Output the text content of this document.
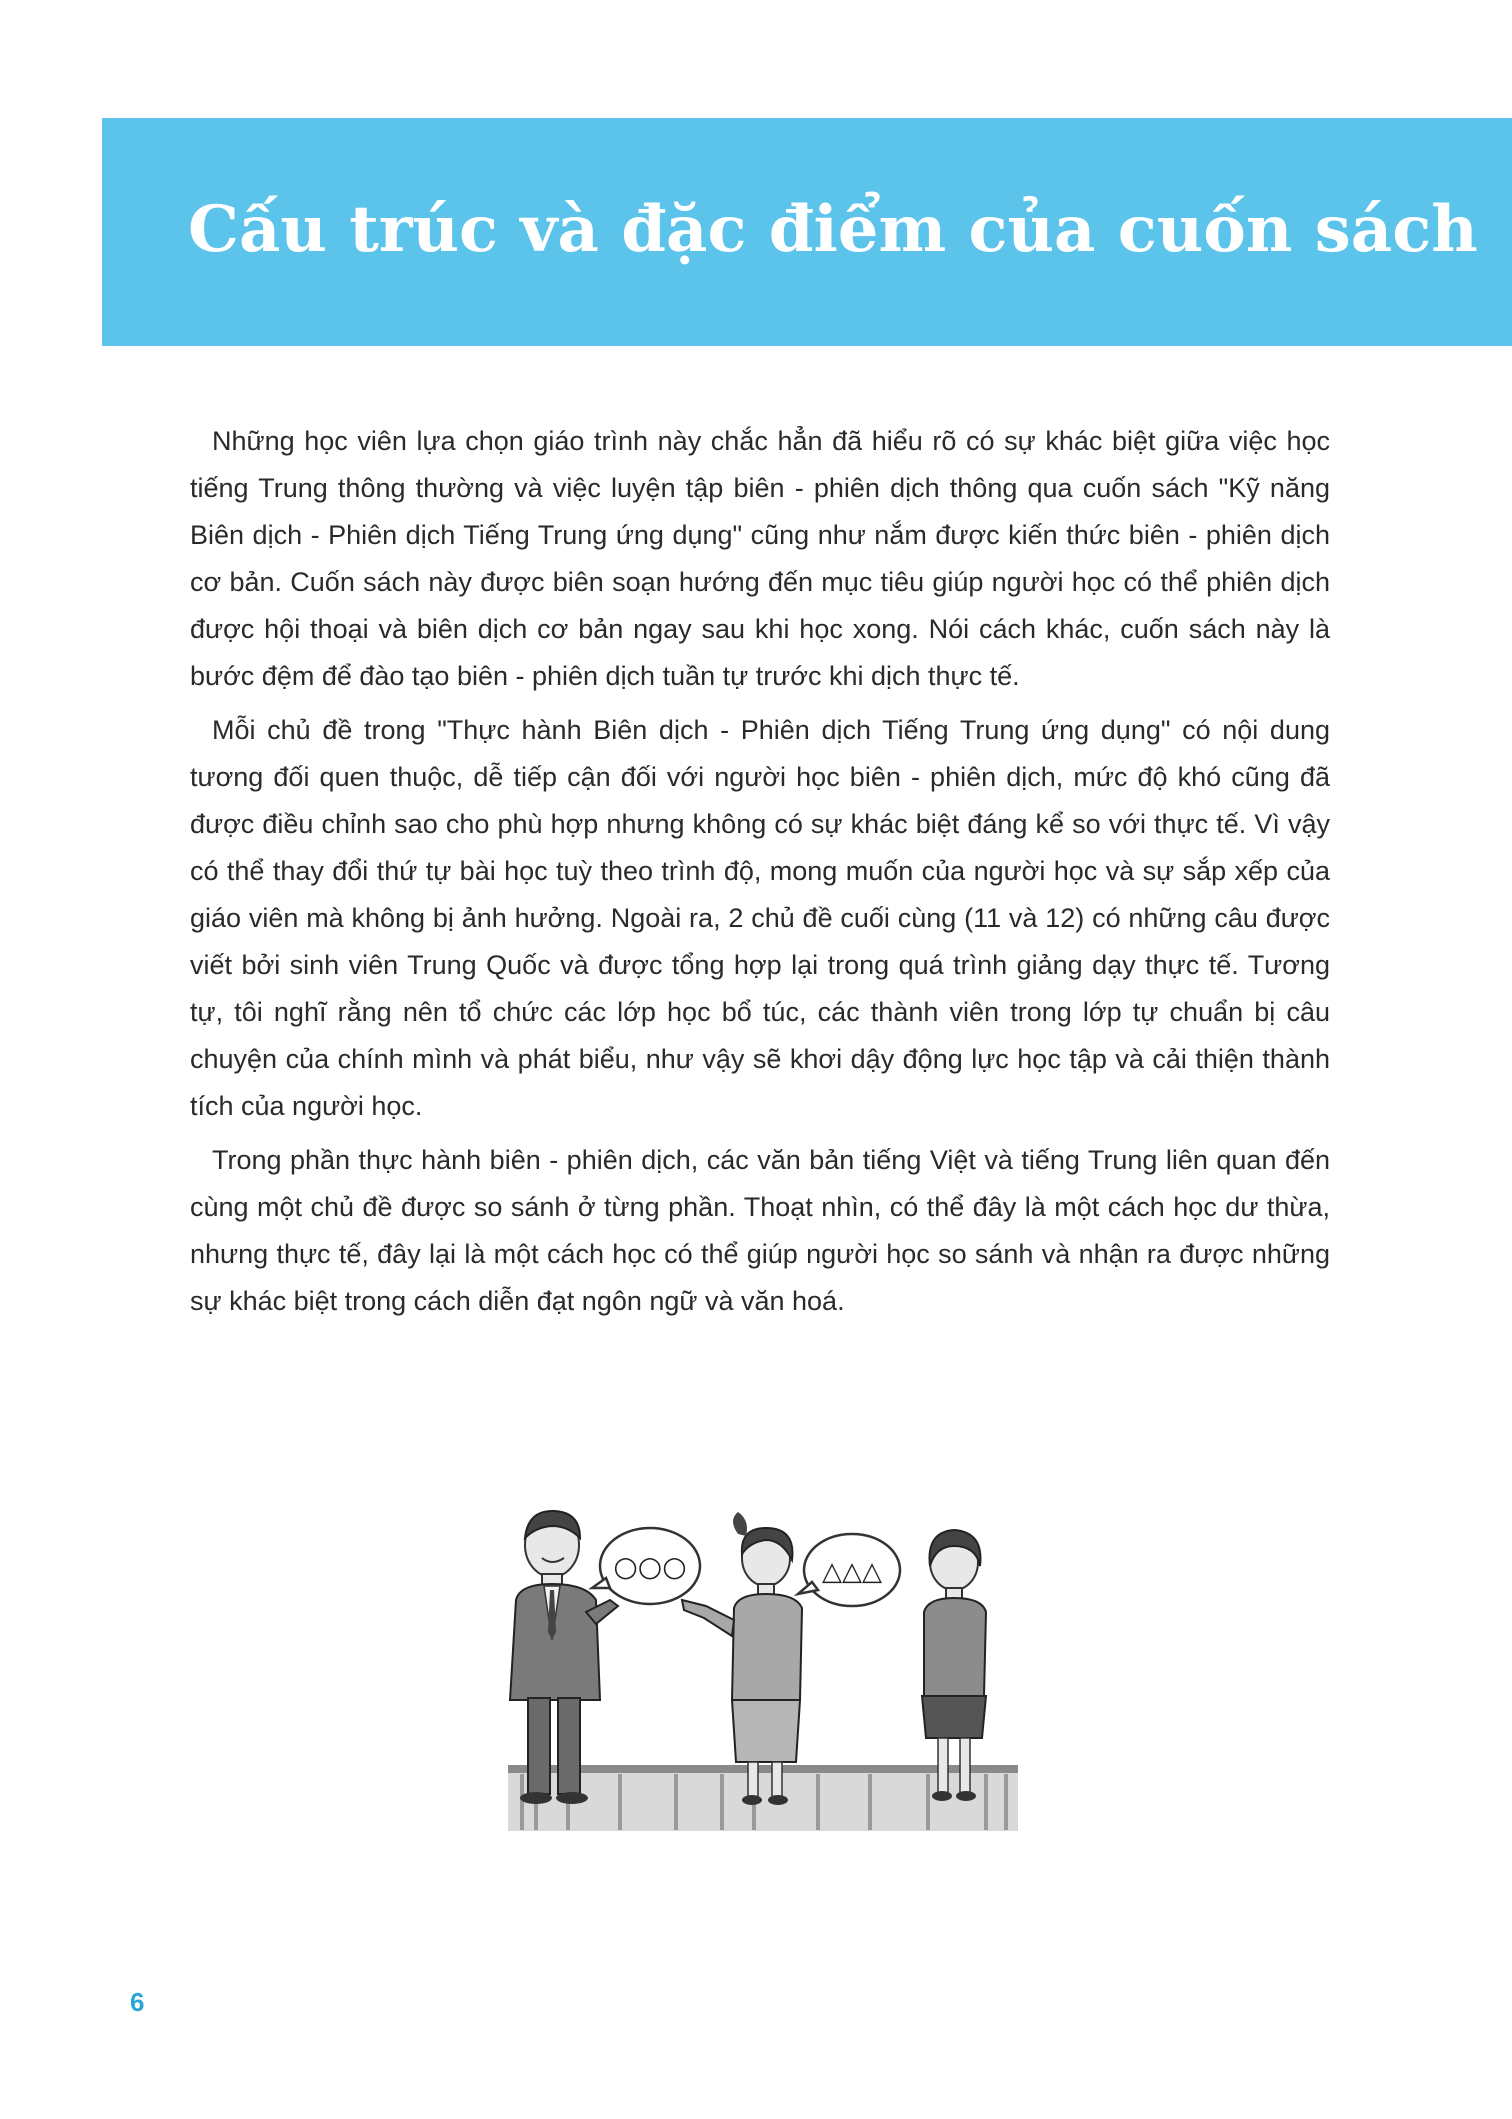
Cấu trúc và đặc điểm của cuốn sách

Những học viên lựa chọn giáo trình này chắc hẳn đã hiểu rõ có sự khác biệt giữa việc học tiếng Trung thông thường và việc luyện tập biên - phiên dịch thông qua cuốn sách "Kỹ năng Biên dịch - Phiên dịch Tiếng Trung ứng dụng" cũng như nắm được kiến thức biên - phiên dịch cơ bản. Cuốn sách này được biên soạn hướng đến mục tiêu giúp người học có thể phiên dịch được hội thoại và biên dịch cơ bản ngay sau khi học xong. Nói cách khác, cuốn sách này là bước đệm để đào tạo biên - phiên dịch tuần tự trước khi dịch thực tế.

Mỗi chủ đề trong "Thực hành Biên dịch - Phiên dịch Tiếng Trung ứng dụng" có nội dung tương đối quen thuộc, dễ tiếp cận đối với người học biên - phiên dịch, mức độ khó cũng đã được điều chỉnh sao cho phù hợp nhưng không có sự khác biệt đáng kể so với thực tế. Vì vậy có thể thay đổi thứ tự bài học tuỳ theo trình độ, mong muốn của người học và sự sắp xếp của giáo viên mà không bị ảnh hưởng. Ngoài ra, 2 chủ đề cuối cùng (11 và 12) có những câu được viết bởi sinh viên Trung Quốc và được tổng hợp lại trong quá trình giảng dạy thực tế. Tương tự, tôi nghĩ rằng nên tổ chức các lớp học bổ túc, các thành viên trong lớp tự chuẩn bị câu chuyện của chính mình và phát biểu, như vậy sẽ khơi dậy động lực học tập và cải thiện thành tích của người học.

Trong phần thực hành biên - phiên dịch, các văn bản tiếng Việt và tiếng Trung liên quan đến cùng một chủ đề được so sánh ở từng phần. Thoạt nhìn, có thể đây là một cách học dư thừa, nhưng thực tế, đây lại là một cách học có thể giúp người học so sánh và nhận ra được những sự khác biệt trong cách diễn đạt ngôn ngữ và văn hoá.

○○○	△△△
6
